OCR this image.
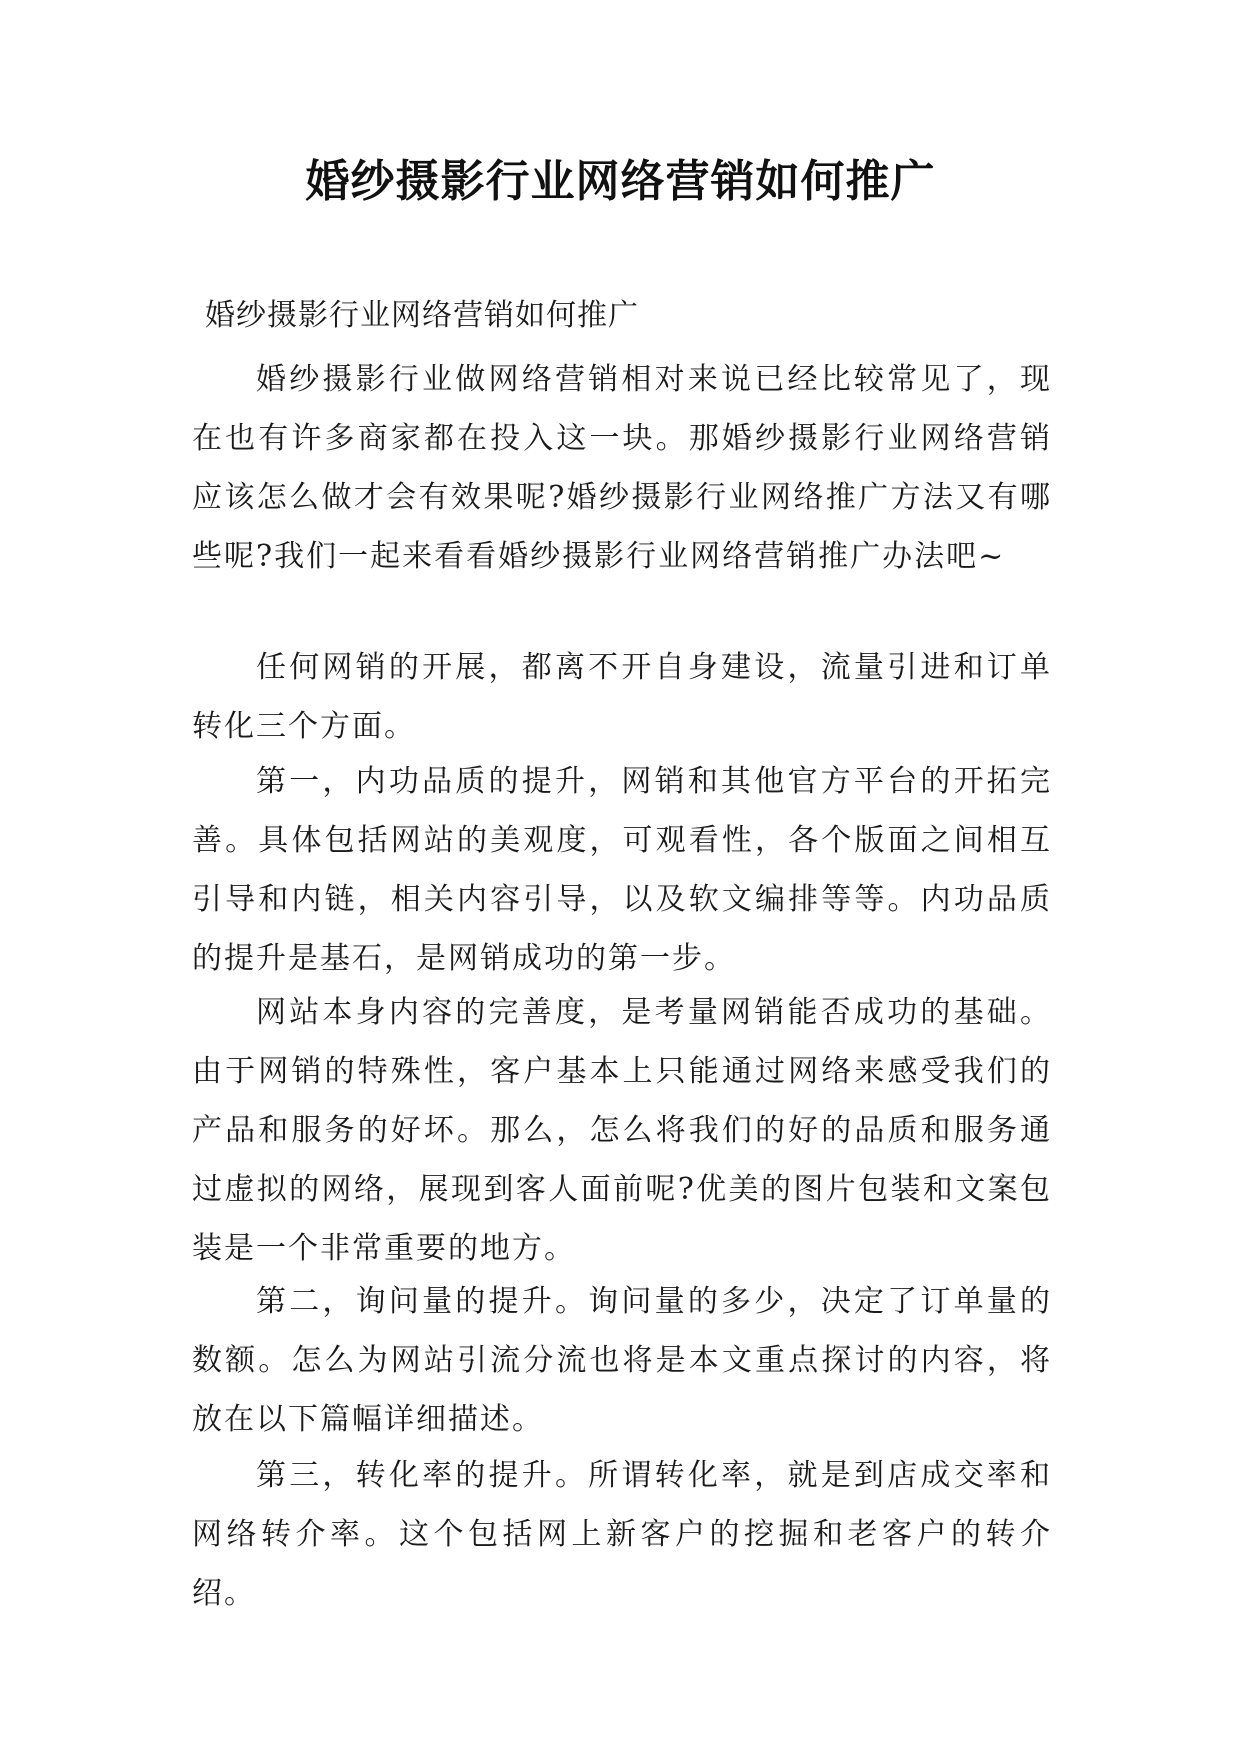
婚纱摄影行业网络营销如何推广
婚纱摄影行业网络营销如何推广

婚纱摄影行业做网络营销相对来说已经比较常见了，现在也有许多商家都在投入这一块。那婚纱摄影行业网络营销应该怎么做才会有效果呢?婚纱摄影行业网络推广方法又有哪些呢?我们一起来看看婚纱摄影行业网络营销推广办法吧~

任何网销的开展，都离不开自身建设，流量引进和订单转化三个方面。

第一，内功品质的提升，网销和其他官方平台的开拓完善。具体包括网站的美观度，可观看性，各个版面之间相互引导和内链，相关内容引导，以及软文编排等等。内功品质的提升是基石，是网销成功的第一步。

网站本身内容的完善度，是考量网销能否成功的基础。由于网销的特殊性，客户基本上只能通过网络来感受我们的产品和服务的好坏。那么，怎么将我们的好的品质和服务通过虚拟的网络，展现到客人面前呢?优美的图片包装和文案包装是一个非常重要的地方。

第二，询问量的提升。询问量的多少，决定了订单量的数额。怎么为网站引流分流也将是本文重点探讨的内容，将放在以下篇幅详细描述。

第三，转化率的提升。所谓转化率，就是到店成交率和网络转介率。这个包括网上新客户的挖掘和老客户的转介绍。
